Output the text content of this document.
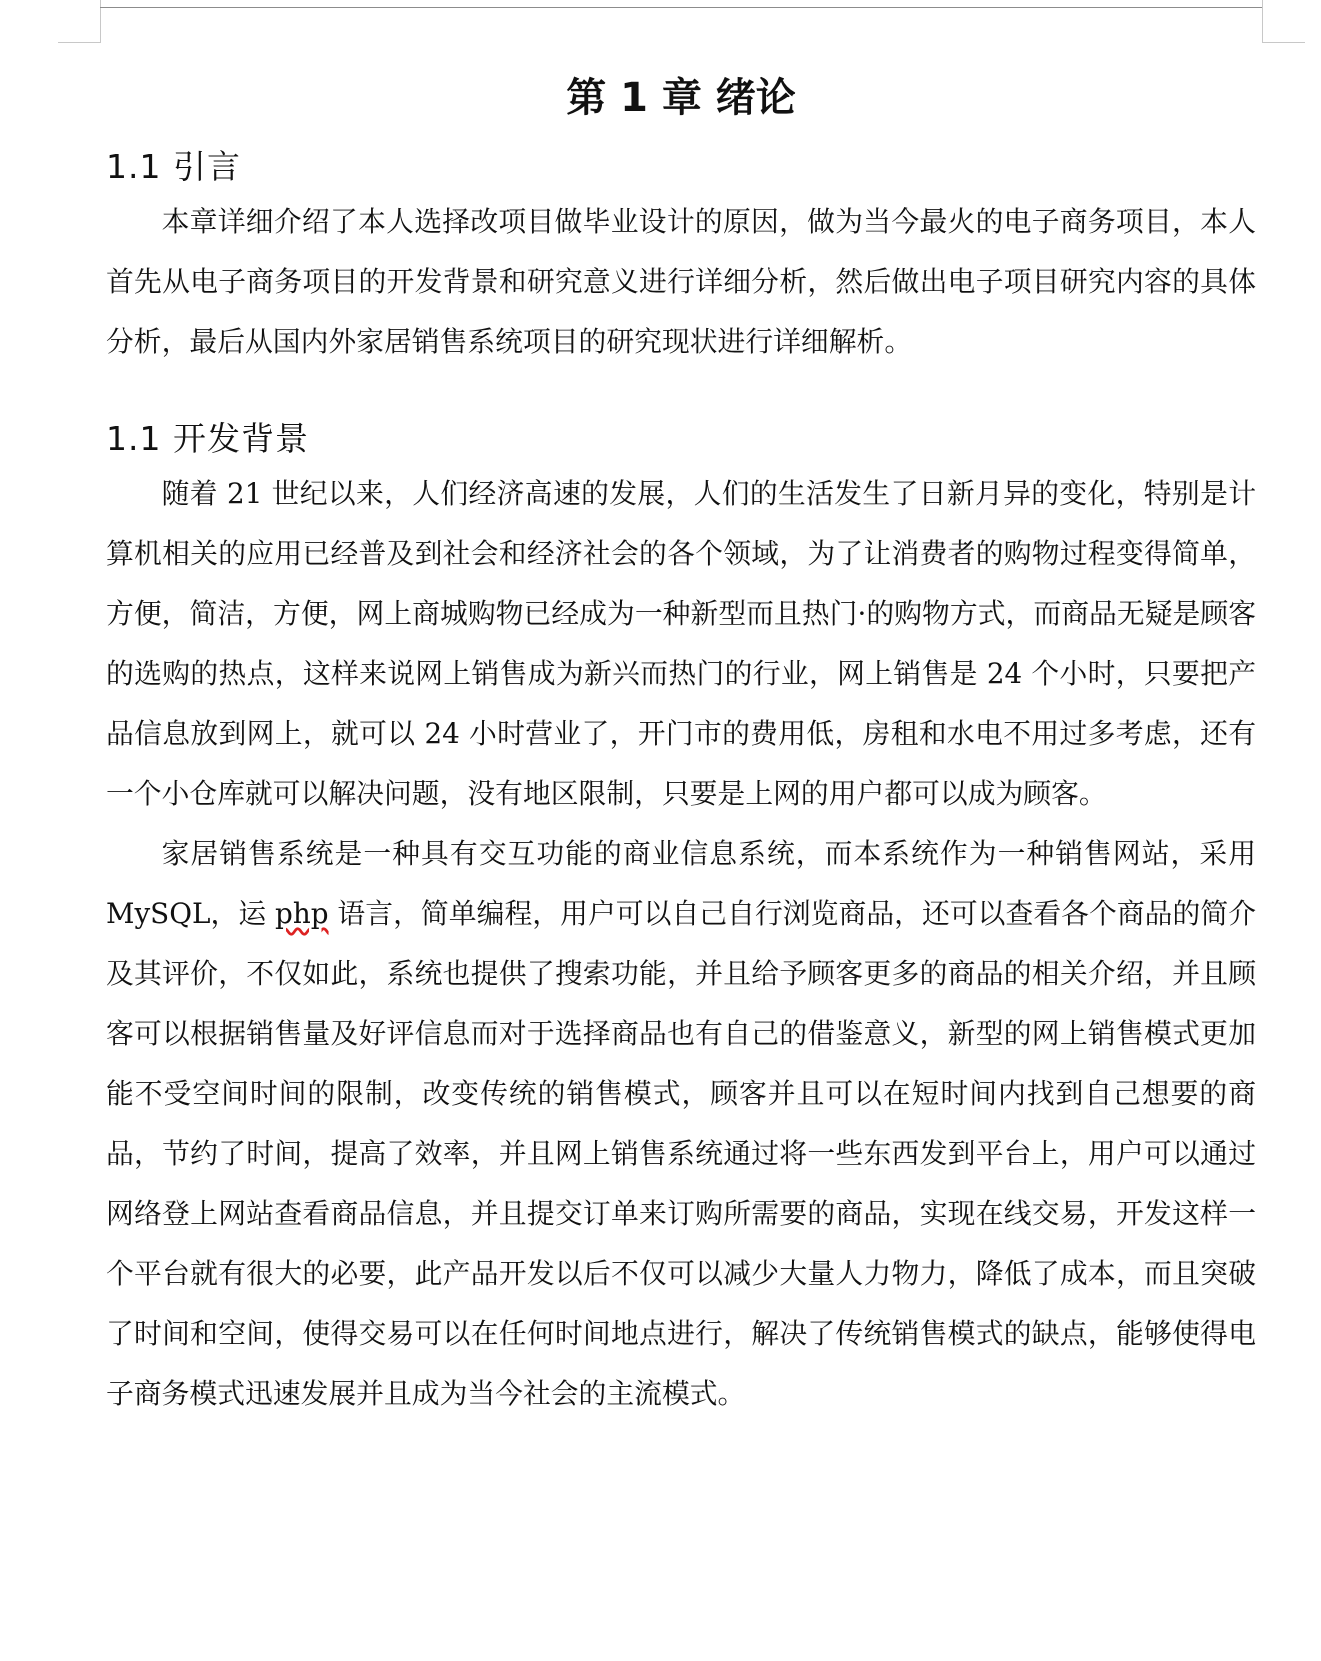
第 1 章 绪论
1.1 引言

本章详细介绍了本人选择改项目做毕业设计的原因，做为当今最火的电子商务项目，本人首先从电子商务项目的开发背景和研究意义进行详细分析，然后做出电子项目研究内容的具体分析，最后从国内外家居销售系统项目的研究现状进行详细解析。

1.1 开发背景

随着 21 世纪以来，人们经济高速的发展，人们的生活发生了日新月异的变化，特别是计算机相关的应用已经普及到社会和经济社会的各个领域，为了让消费者的购物过程变得简单，方便，简洁，方便，网上商城购物已经成为一种新型而且热门·的购物方式，而商品无疑是顾客的选购的热点，这样来说网上销售成为新兴而热门的行业，网上销售是 24 个小时，只要把产品信息放到网上，就可以 24 小时营业了，开门市的费用低，房租和水电不用过多考虑，还有一个小仓库就可以解决问题，没有地区限制，只要是上网的用户都可以成为顾客。

家居销售系统是一种具有交互功能的商业信息系统，而本系统作为一种销售网站，采用 MySQL，运 php 语言，简单编程，用户可以自己自行浏览商品，还可以查看各个商品的简介及其评价，不仅如此，系统也提供了搜索功能，并且给予顾客更多的商品的相关介绍，并且顾客可以根据销售量及好评信息而对于选择商品也有自己的借鉴意义，新型的网上销售模式更加能不受空间时间的限制，改变传统的销售模式，顾客并且可以在短时间内找到自己想要的商品，节约了时间，提高了效率，并且网上销售系统通过将一些东西发到平台上，用户可以通过网络登上网站查看商品信息，并且提交订单来订购所需要的商品，实现在线交易，开发这样一个平台就有很大的必要，此产品开发以后不仅可以减少大量人力物力，降低了成本，而且突破了时间和空间，使得交易可以在任何时间地点进行，解决了传统销售模式的缺点，能够使得电子商务模式迅速发展并且成为当今社会的主流模式。
